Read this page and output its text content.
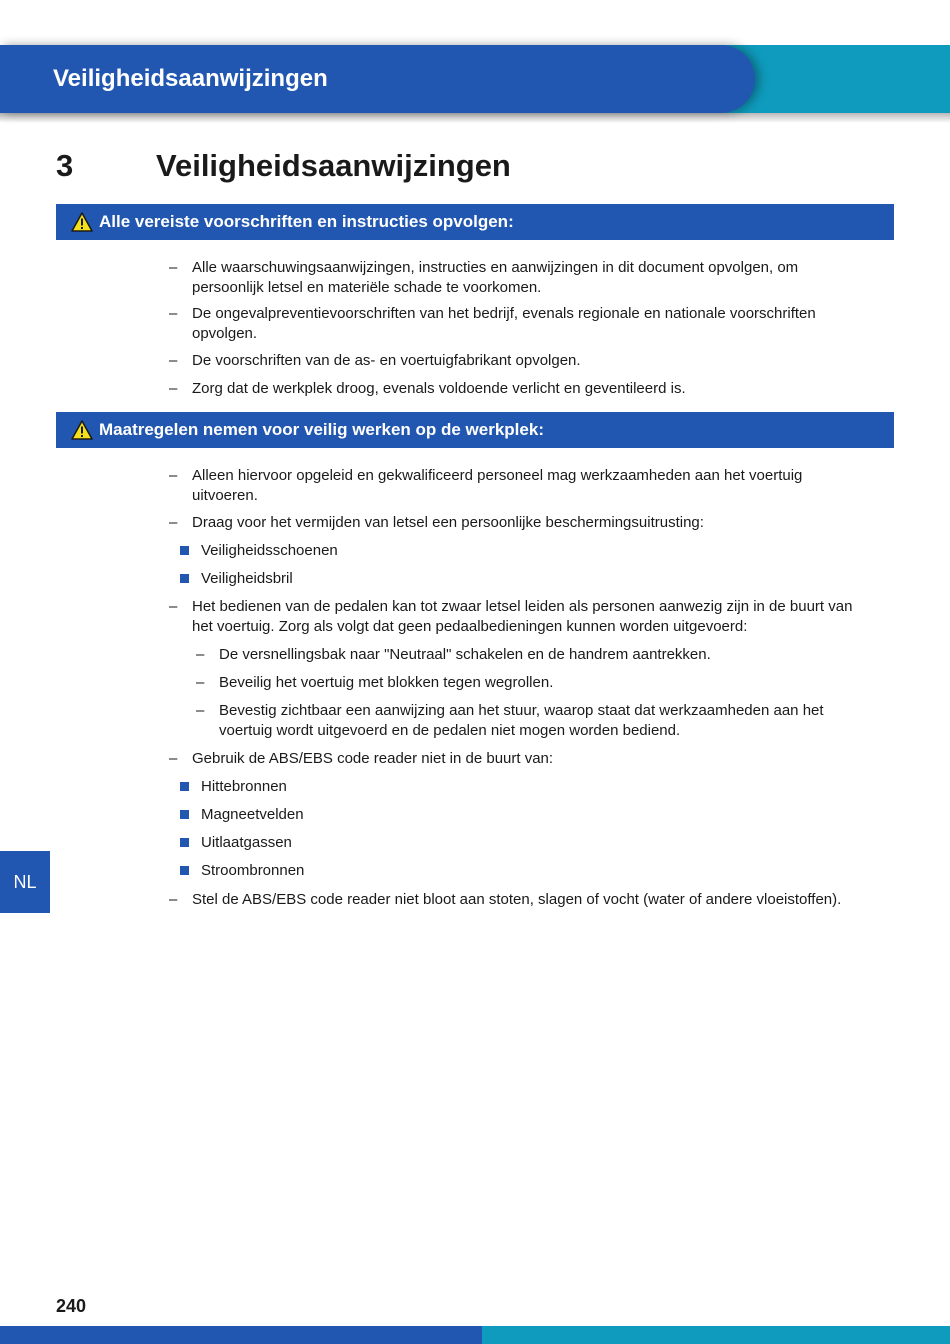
Veiligheidsaanwijzingen
3	Veiligheidsaanwijzingen
Alle vereiste voorschriften en instructies opvolgen:
– Alle waarschuwingsaanwijzingen, instructies en aanwijzingen in dit document opvolgen, om persoonlijk letsel en materiële schade te voorkomen.
– De ongevalpreventievoorschriften van het bedrijf, evenals regionale en nationale voorschriften opvolgen.
– De voorschriften van de as- en voertuigfabrikant opvolgen.
– Zorg dat de werkplek droog, evenals voldoende verlicht en geventileerd is.
Maatregelen nemen voor veilig werken op de werkplek:
– Alleen hiervoor opgeleid en gekwalificeerd personeel mag werkzaamheden aan het voertuig uitvoeren.
– Draag voor het vermijden van letsel een persoonlijke beschermingsuitrusting:
Veiligheidsschoenen
Veiligheidsbril
– Het bedienen van de pedalen kan tot zwaar letsel leiden als personen aanwezig zijn in de buurt van het voertuig. Zorg als volgt dat geen pedaalbedieningen kunnen worden uitgevoerd:
– De versnellingsbak naar "Neutraal" schakelen en de handrem aantrekken.
– Beveilig het voertuig met blokken tegen wegrollen.
– Bevestig zichtbaar een aanwijzing aan het stuur, waarop staat dat werkzaamheden aan het voertuig wordt uitgevoerd en de pedalen niet mogen worden bediend.
– Gebruik de ABS/EBS code reader niet in de buurt van:
Hittebronnen
Magneetvelden
Uitlaatgassen
Stroombronnen
– Stel de ABS/EBS code reader niet bloot aan stoten, slagen of vocht (water of andere vloeistoffen).
NL
240
